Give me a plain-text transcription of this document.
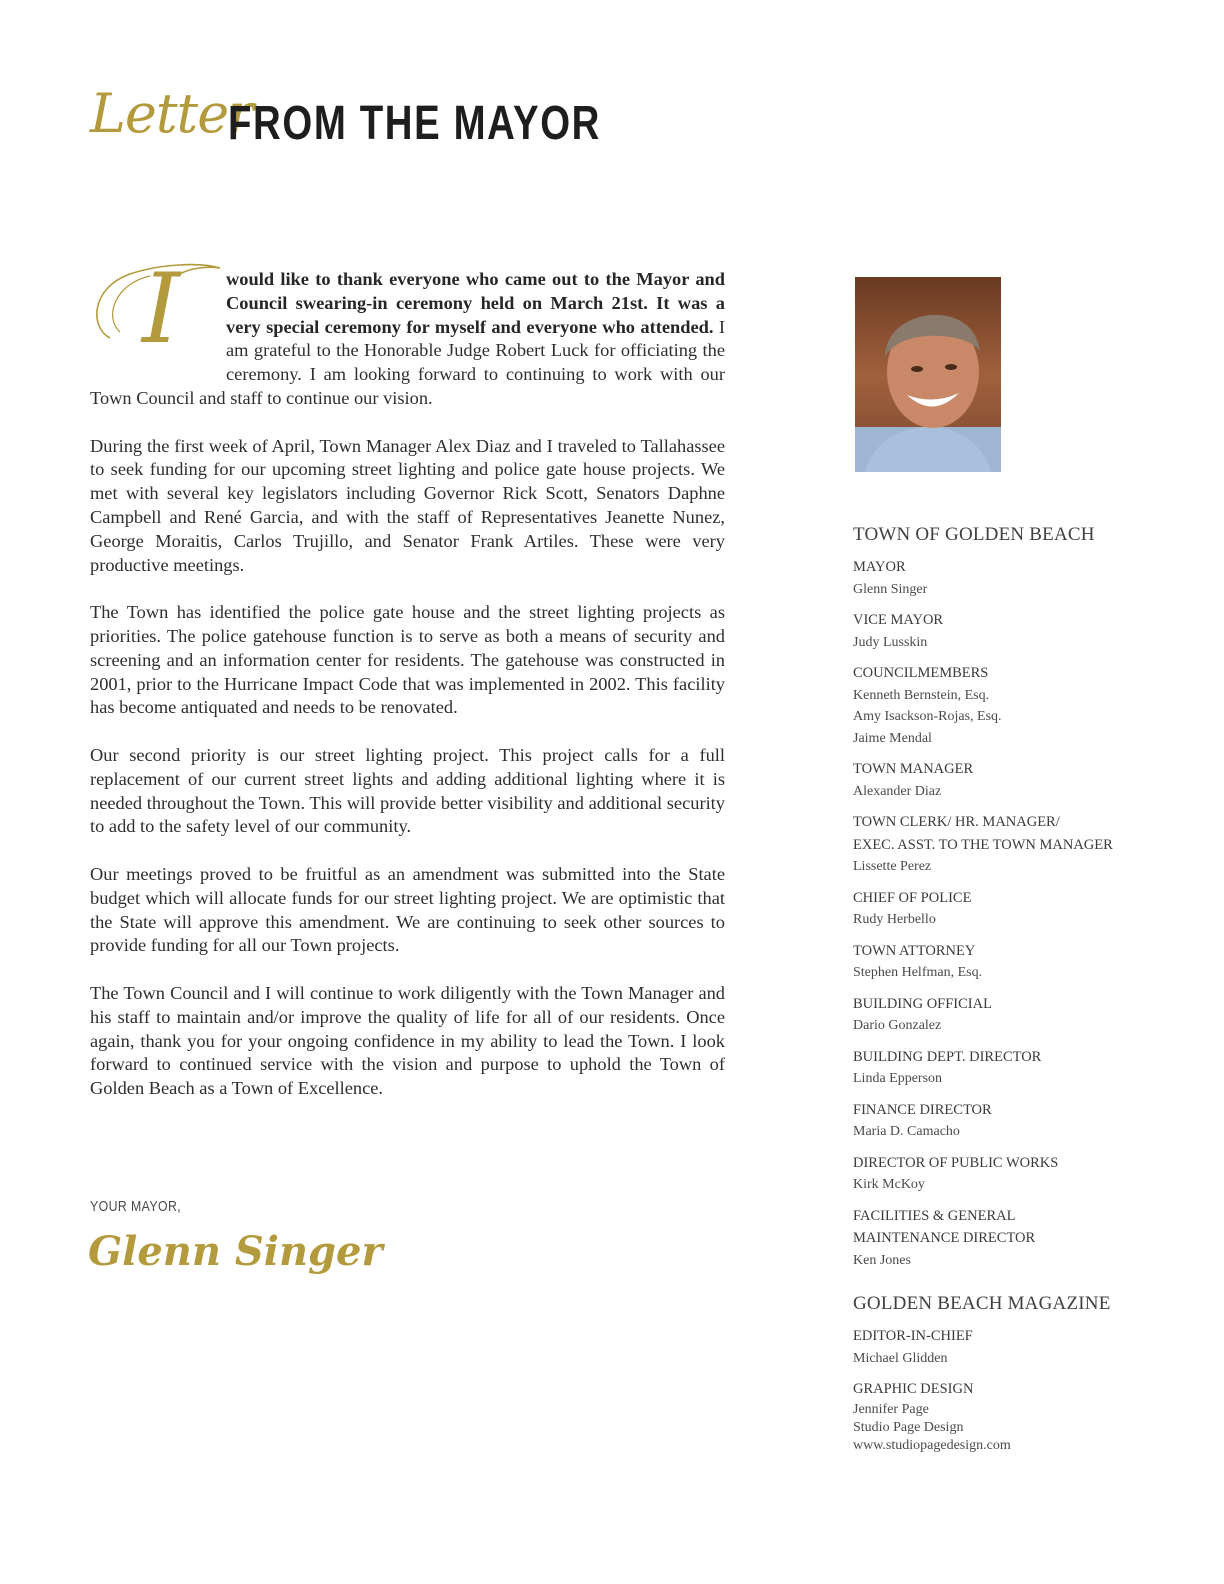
Letter
FROM THE MAYOR

I	would like to thank everyone who came out to the Mayor and Council swearing-in ceremony held on March 21st. It was a very special ceremony for myself and everyone who attended. I am grateful to the Honorable Judge Robert Luck for officiating the ceremony. I am looking forward to continuing to work with our Town Council and staff to continue our vision.

During the first week of April, Town Manager Alex Diaz and I traveled to Tallahassee to seek funding for our upcoming street lighting and police gate house projects. We met with several key legislators including Governor Rick Scott, Senators Daphne Campbell and René Garcia, and with the staff of Representatives Jeanette Nunez, George Moraitis, Carlos Trujillo, and Senator Frank Artiles. These were very productive meetings.

The Town has identified the police gate house and the street lighting projects as priorities. The police gatehouse function is to serve as both a means of security and screening and an information center for residents. The gatehouse was constructed in 2001, prior to the Hurricane Impact Code that was implemented in 2002. This facility has become antiquated and needs to be renovated.

Our second priority is our street lighting project. This project calls for a full replacement of our current street lights and adding additional lighting where it is needed throughout the Town. This will provide better visibility and additional security to add to the safety level of our community.

Our meetings proved to be fruitful as an amendment was submitted into the State budget which will allocate funds for our street lighting project. We are optimistic that the State will approve this amendment. We are continuing to seek other sources to provide funding for all our Town projects.

The Town Council and I will continue to work diligently with the Town Manager and his staff to maintain and/or improve the quality of life for all of our residents. Once again, thank you for your ongoing confidence in my ability to lead the Town. I look forward to continued service with the vision and purpose to uphold the Town of Golden Beach as a Town of Excellence.

YOUR MAYOR,
Glenn Singer
TOWN OF GOLDEN BEACH
MAYOR
Glenn Singer
VICE MAYOR
Judy Lusskin
COUNCILMEMBERS
Kenneth Bernstein, Esq.
Amy Isackson-Rojas, Esq.
Jaime Mendal
TOWN MANAGER
Alexander Diaz
TOWN CLERK/ HR. MANAGER/
EXEC. ASST. TO THE TOWN MANAGER
Lissette Perez
CHIEF OF POLICE
Rudy Herbello
TOWN ATTORNEY
Stephen Helfman, Esq.
BUILDING OFFICIAL
Dario Gonzalez
BUILDING DEPT. DIRECTOR
Linda Epperson
FINANCE DIRECTOR
Maria D. Camacho
DIRECTOR OF PUBLIC WORKS
Kirk McKoy
FACILITIES & GENERAL
MAINTENANCE DIRECTOR
Ken Jones
GOLDEN BEACH MAGAZINE
EDITOR-IN-CHIEF
Michael Glidden
GRAPHIC DESIGN
Jennifer Page
Studio Page Design
www.studiopagedesign.com
